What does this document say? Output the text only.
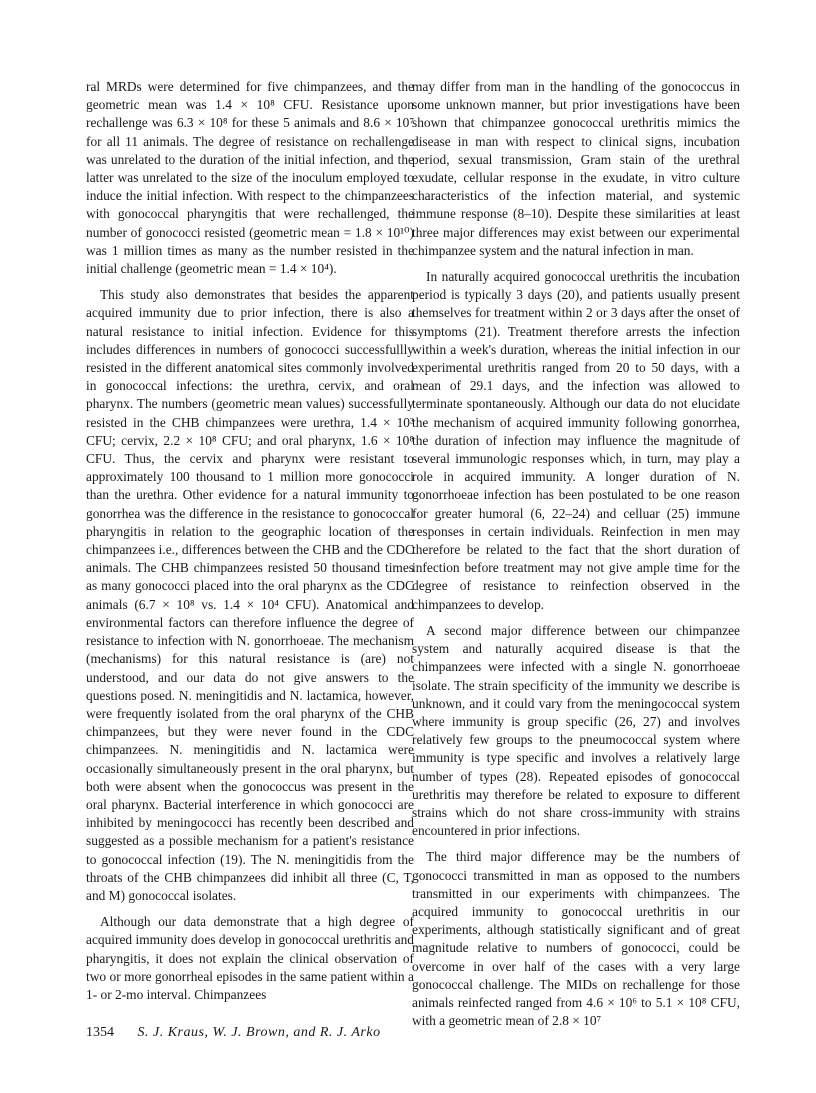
ral MRDs were determined for five chimpanzees, and the geometric mean was 1.4 × 10⁸ CFU. Resistance upon rechallenge was 6.3 × 10⁸ for these 5 animals and 8.6 × 10⁷ for all 11 animals. The degree of resistance on rechallenge was unrelated to the duration of the initial infection, and the latter was unrelated to the size of the inoculum employed to induce the initial infection. With respect to the chimpanzees with gonococcal pharyngitis that were rechallenged, the number of gonococci resisted (geometric mean = 1.8 × 10¹⁰) was 1 million times as many as the number resisted in the initial challenge (geometric mean = 1.4 × 10⁴).

This study also demonstrates that besides the apparent acquired immunity due to prior infection, there is also a natural resistance to initial infection. Evidence for this includes differences in numbers of gonococci successfullly resisted in the different anatomical sites commonly involved in gonococcal infections: the urethra, cervix, and oral pharynx. The numbers (geometric mean values) successfully resisted in the CHB chimpanzees were urethra, 1.4 × 10³ CFU; cervix, 2.2 × 10⁸ CFU; and oral pharynx, 1.6 × 10⁸ CFU. Thus, the cervix and pharynx were resistant to approximately 100 thousand to 1 million more gonococci than the urethra. Other evidence for a natural immunity to gonorrhea was the difference in the resistance to gonococcal pharyngitis in relation to the geographic location of the chimpanzees i.e., differences between the CHB and the CDC animals. The CHB chimpanzees resisted 50 thousand times as many gonococci placed into the oral pharynx as the CDC animals (6.7 × 10⁸ vs. 1.4 × 10⁴ CFU). Anatomical and environmental factors can therefore influence the degree of resistance to infection with N. gonorrhoeae. The mechanism (mechanisms) for this natural resistance is (are) not understood, and our data do not give answers to the questions posed. N. meningitidis and N. lactamica, however, were frequently isolated from the oral pharynx of the CHB chimpanzees, but they were never found in the CDC chimpanzees. N. meningitidis and N. lactamica were occasionally simultaneously present in the oral pharynx, but both were absent when the gonococcus was present in the oral pharynx. Bacterial interference in which gonococci are inhibited by meningococci has recently been described and suggested as a possible mechanism for a patient's resistance to gonococcal infection (19). The N. meningitidis from the throats of the CHB chimpanzees did inhibit all three (C, T, and M) gonococcal isolates.

Although our data demonstrate that a high degree of acquired immunity does develop in gonococcal urethritis and pharyngitis, it does not explain the clinical observation of two or more gonorrheal episodes in the same patient within a 1- or 2-mo interval. Chimpanzees

may differ from man in the handling of the gonococcus in some unknown manner, but prior investigations have been shown that chimpanzee gonococcal urethritis mimics the disease in man with respect to clinical signs, incubation period, sexual transmission, Gram stain of the urethral exudate, cellular response in the exudate, in vitro culture characteristics of the infection material, and systemic immune response (8–10). Despite these similarities at least three major differences may exist between our experimental chimpanzee system and the natural infection in man.

In naturally acquired gonococcal urethritis the incubation period is typically 3 days (20), and patients usually present themselves for treatment within 2 or 3 days after the onset of symptoms (21). Treatment therefore arrests the infection within a week's duration, whereas the initial infection in our experimental urethritis ranged from 20 to 50 days, with a mean of 29.1 days, and the infection was allowed to terminate spontaneously. Although our data do not elucidate the mechanism of acquired immunity following gonorrhea, the duration of infection may influence the magnitude of several immunologic responses which, in turn, may play a role in acquired immunity. A longer duration of N. gonorrhoeae infection has been postulated to be one reason for greater humoral (6, 22–24) and celluar (25) immune responses in certain individuals. Reinfection in men may therefore be related to the fact that the short duration of infection before treatment may not give ample time for the degree of resistance to reinfection observed in the chimpanzees to develop.

A second major difference between our chimpanzee system and naturally acquired disease is that the chimpanzees were infected with a single N. gonorrhoeae isolate. The strain specificity of the immunity we describe is unknown, and it could vary from the meningococcal system where immunity is group specific (26, 27) and involves relatively few groups to the pneumococcal system where immunity is type specific and involves a relatively large number of types (28). Repeated episodes of gonococcal urethritis may therefore be related to exposure to different strains which do not share cross-immunity with strains encountered in prior infections.

The third major difference may be the numbers of gonococci transmitted in man as opposed to the numbers transmitted in our experiments with chimpanzees. The acquired immunity to gonococcal urethritis in our experiments, although statistically significant and of great magnitude relative to numbers of gonococci, could be overcome in over half of the cases with a very large gonococcal challenge. The MIDs on rechallenge for those animals reinfected ranged from 4.6 × 10⁶ to 5.1 × 10⁸ CFU, with a geometric mean of 2.8 × 10⁷

1354 S. J. Kraus, W. J. Brown, and R. J. Arko
